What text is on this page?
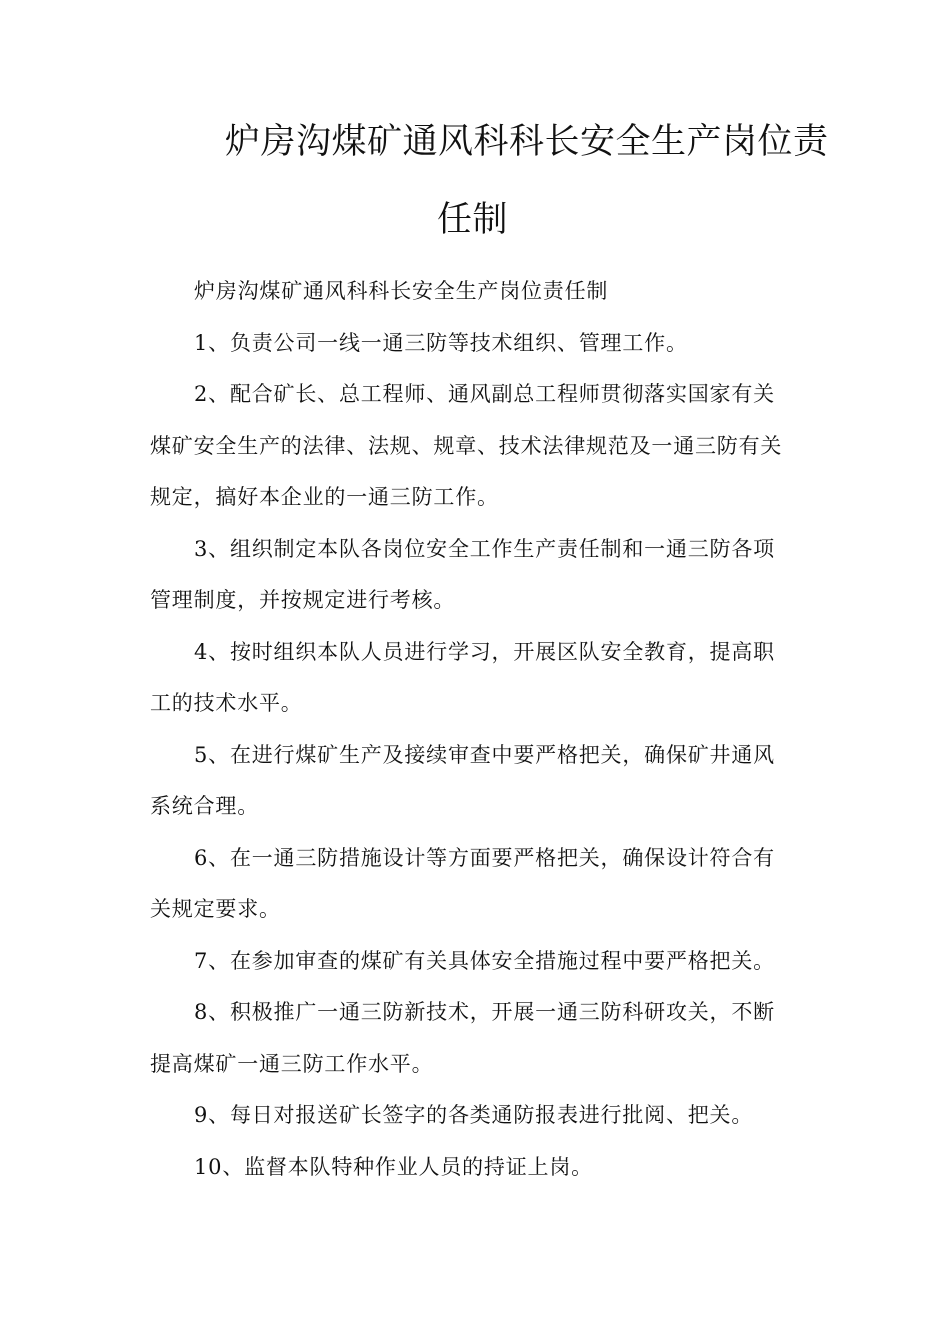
炉房沟煤矿通风科科长安全生产岗位责
任制
炉房沟煤矿通风科科长安全生产岗位责任制
1、负责公司一线一通三防等技术组织、管理工作。
2、配合矿长、总工程师、通风副总工程师贯彻落实国家有关
煤矿安全生产的法律、法规、规章、技术法律规范及一通三防有关
规定，搞好本企业的一通三防工作。
3、组织制定本队各岗位安全工作生产责任制和一通三防各项
管理制度，并按规定进行考核。
4、按时组织本队人员进行学习，开展区队安全教育，提高职
工的技术水平。
5、在进行煤矿生产及接续审查中要严格把关，确保矿井通风
系统合理。
6、在一通三防措施设计等方面要严格把关，确保设计符合有
关规定要求。
7、在参加审查的煤矿有关具体安全措施过程中要严格把关。
8、积极推广一通三防新技术，开展一通三防科研攻关，不断
提高煤矿一通三防工作水平。
9、每日对报送矿长签字的各类通防报表进行批阅、把关。
10、监督本队特种作业人员的持证上岗。
